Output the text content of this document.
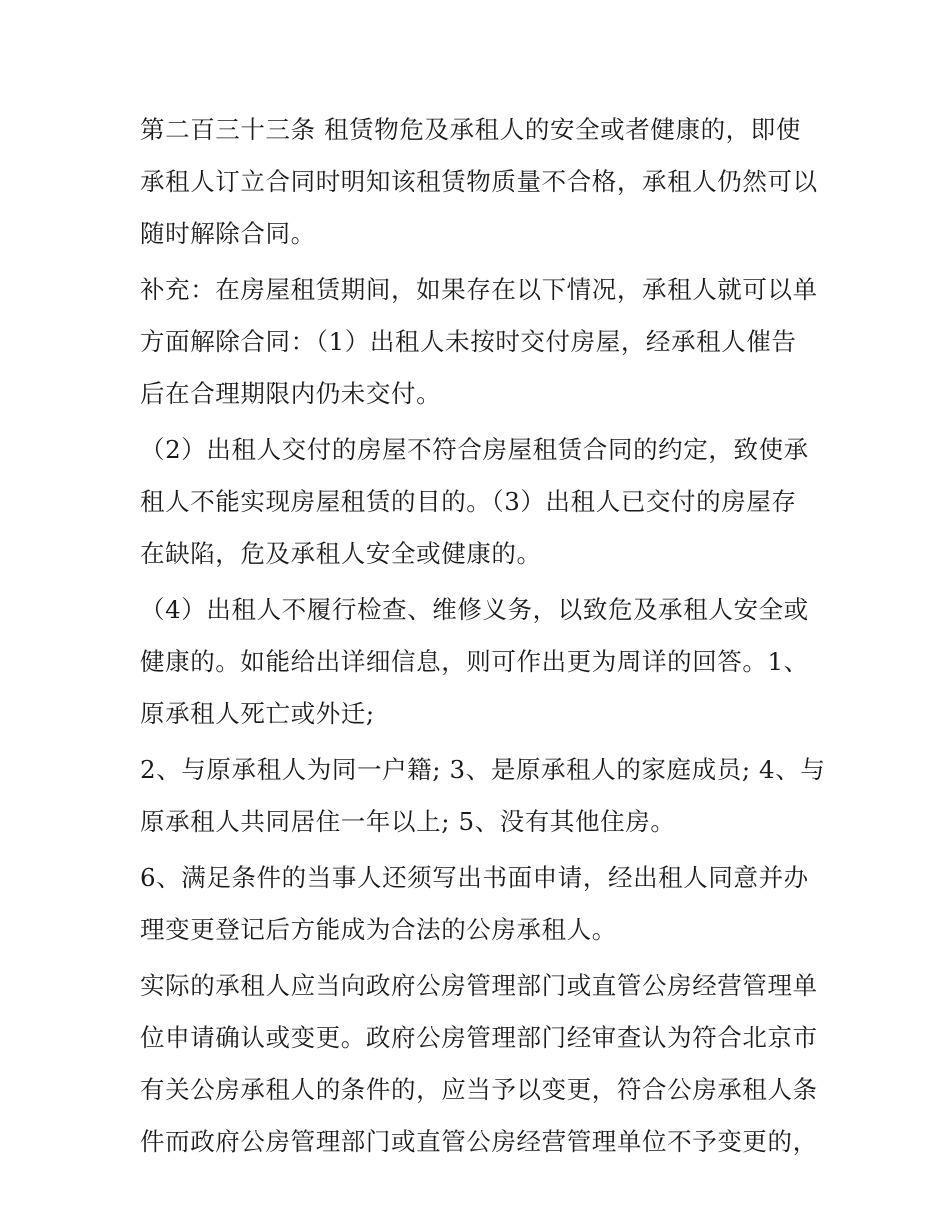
第二百三十三条 租赁物危及承租人的安全或者健康的，即使
承租人订立合同时明知该租赁物质量不合格，承租人仍然可以
随时解除合同。

补充：在房屋租赁期间，如果存在以下情况，承租人就可以单
方面解除合同：（1）出租人未按时交付房屋，经承租人催告
后在合理期限内仍未交付。

（2）出租人交付的房屋不符合房屋租赁合同的约定，致使承
租人不能实现房屋租赁的目的。（3）出租人已交付的房屋存
在缺陷，危及承租人安全或健康的。

（4）出租人不履行检查、维修义务，以致危及承租人安全或
健康的。如能给出详细信息，则可作出更为周详的回答。1、
原承租人死亡或外迁;

2、与原承租人为同一户籍; 3、是原承租人的家庭成员; 4、与
原承租人共同居住一年以上; 5、没有其他住房。

6、满足条件的当事人还须写出书面申请，经出租人同意并办
理变更登记后方能成为合法的公房承租人。

实际的承租人应当向政府公房管理部门或直管公房经营管理单
位申请确认或变更。政府公房管理部门经审查认为符合北京市
有关公房承租人的条件的，应当予以变更，符合公房承租人条
件而政府公房管理部门或直管公房经营管理单位不予变更的，
